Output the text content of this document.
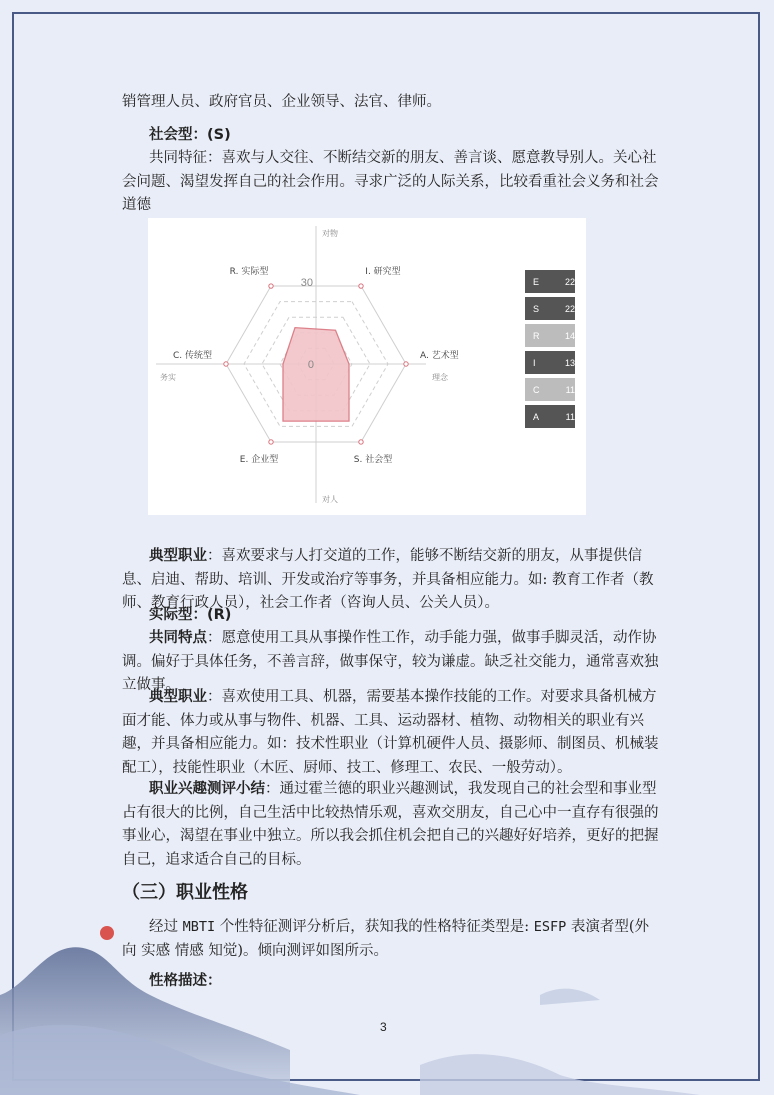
销管理人员、政府官员、企业领导、法官、律师。

社会型：(S)

共同特征：喜欢与人交往、不断结交新的朋友、善言谈、愿意教导别人。关心社会问题、渴望发挥自己的社会作用。寻求广泛的人际关系，比较看重社会义务和社会道德

I. 研究型
A. 艺术型
S. 社会型
E. 企业型
C. 传统型
R. 实际型
30
0
对物
对人
务实	理念
E	22
S	22
R	14
I	13
C	11
A	11

典型职业：喜欢要求与人打交道的工作，能够不断结交新的朋友，从事提供信息、启迪、帮助、培训、开发或治疗等事务，并具备相应能力。如: 教育工作者（教师、教育行政人员），社会工作者（咨询人员、公关人员）。

实际型：(R)

共同特点：愿意使用工具从事操作性工作，动手能力强，做事手脚灵活，动作协调。偏好于具体任务，不善言辞，做事保守，较为谦虚。缺乏社交能力，通常喜欢独立做事。

典型职业：喜欢使用工具、机器，需要基本操作技能的工作。对要求具备机械方面才能、体力或从事与物件、机器、工具、运动器材、植物、动物相关的职业有兴趣，并具备相应能力。如：技术性职业（计算机硬件人员、摄影师、制图员、机械装配工），技能性职业（木匠、厨师、技工、修理工、农民、一般劳动）。

职业兴趣测评小结：通过霍兰德的职业兴趣测试，我发现自己的社会型和事业型占有很大的比例，自己生活中比较热情乐观，喜欢交朋友，自己心中一直存有很强的事业心，渴望在事业中独立。所以我会抓住机会把自己的兴趣好好培养，更好的把握自己，追求适合自己的目标。

（三）职业性格

经过 MBTI 个性特征测评分析后，获知我的性格特征类型是: ESFP 表演者型(外向 实感 情感 知觉)。倾向测评如图所示。

性格描述：

3
